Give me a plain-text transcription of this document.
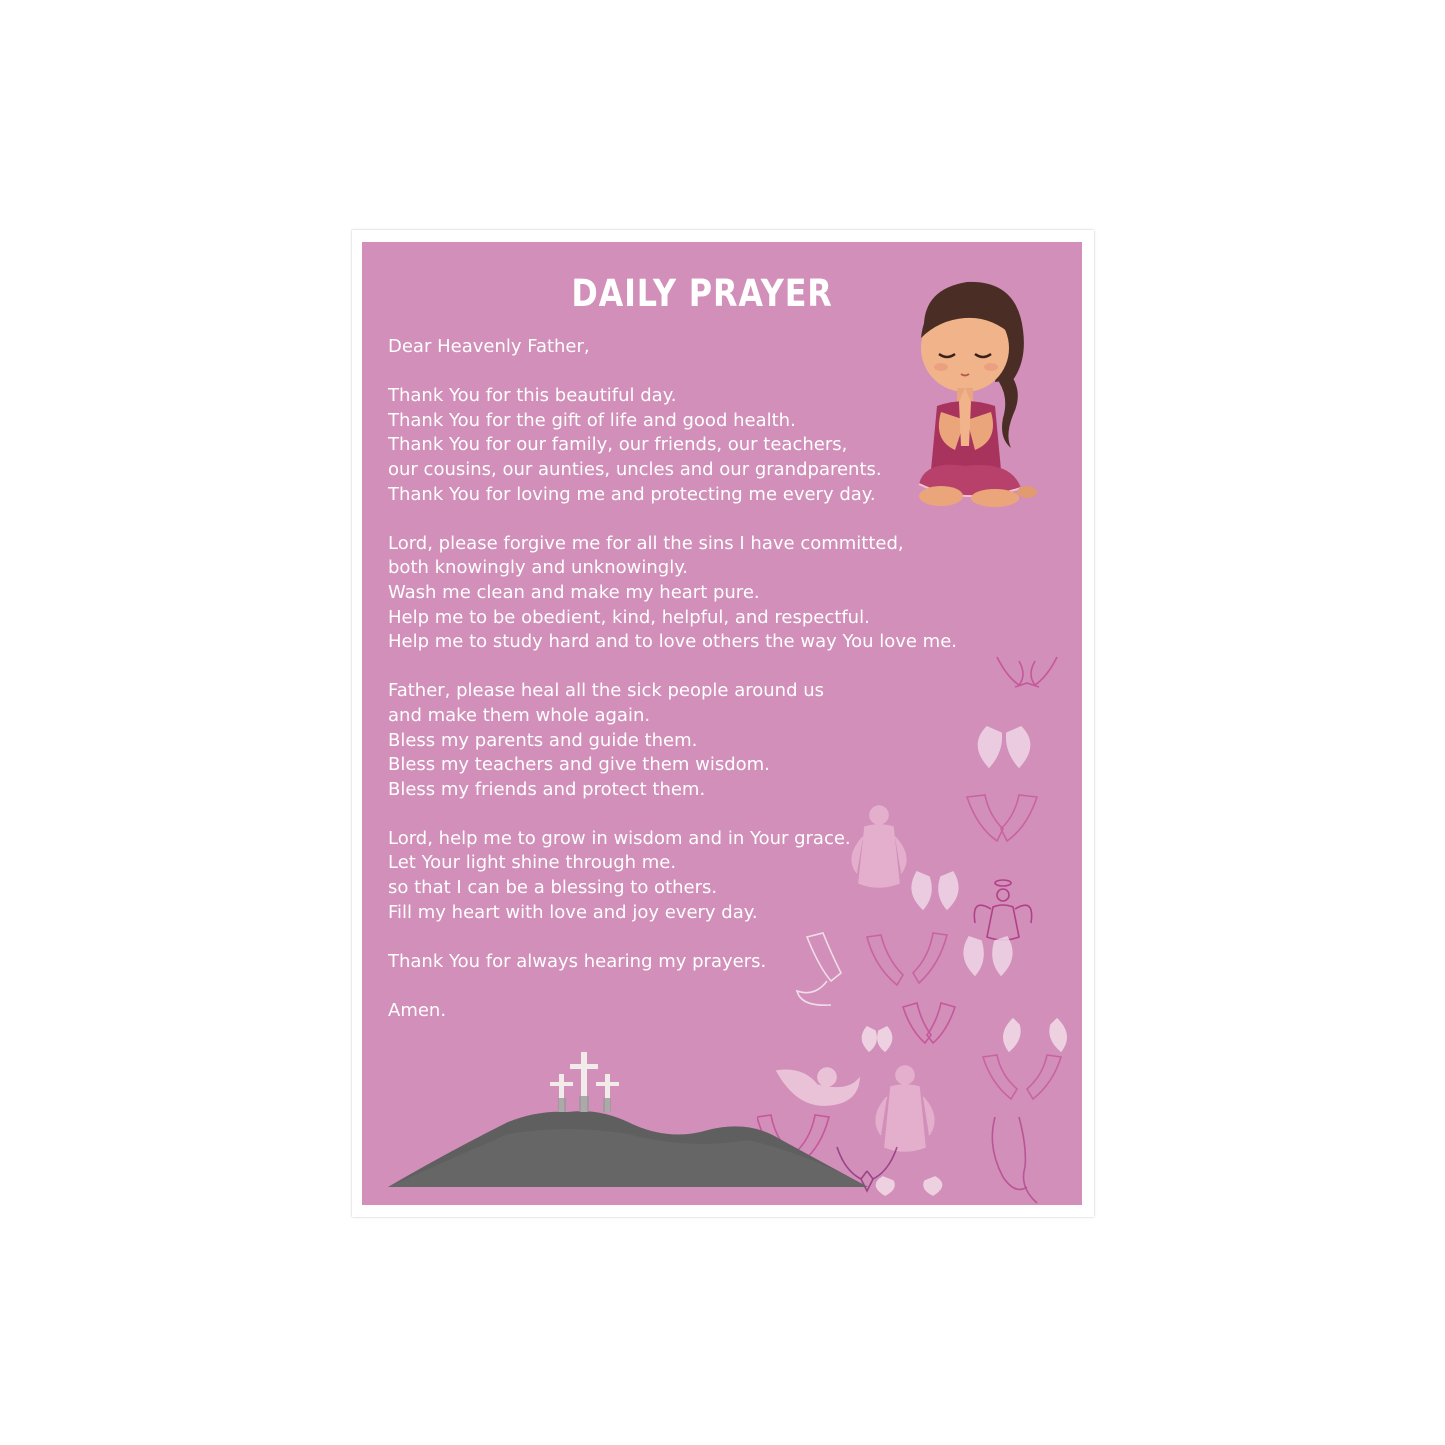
DAILY PRAYER
Dear Heavenly Father,
Thank You for this beautiful day.
Thank You for the gift of life and good health.
Thank You for our family, our friends, our teachers,
our cousins, our aunties, uncles and our grandparents.
Thank You for loving me and protecting me every day.
Lord, please forgive me for all the sins I have committed,
both knowingly and unknowingly.
Wash me clean and make my heart pure.
Help me to be obedient, kind, helpful, and respectful.
Help me to study hard and to love others the way You love me.
Father, please heal all the sick people around us
and make them whole again.
Bless my parents and guide them.
Bless my teachers and give them wisdom.
Bless my friends and protect them.
Lord, help me to grow in wisdom and in Your grace.
Let Your light shine through me.
so that I can be a blessing to others.
Fill my heart with love and joy every day.
Thank You for always hearing my prayers.
Amen.
